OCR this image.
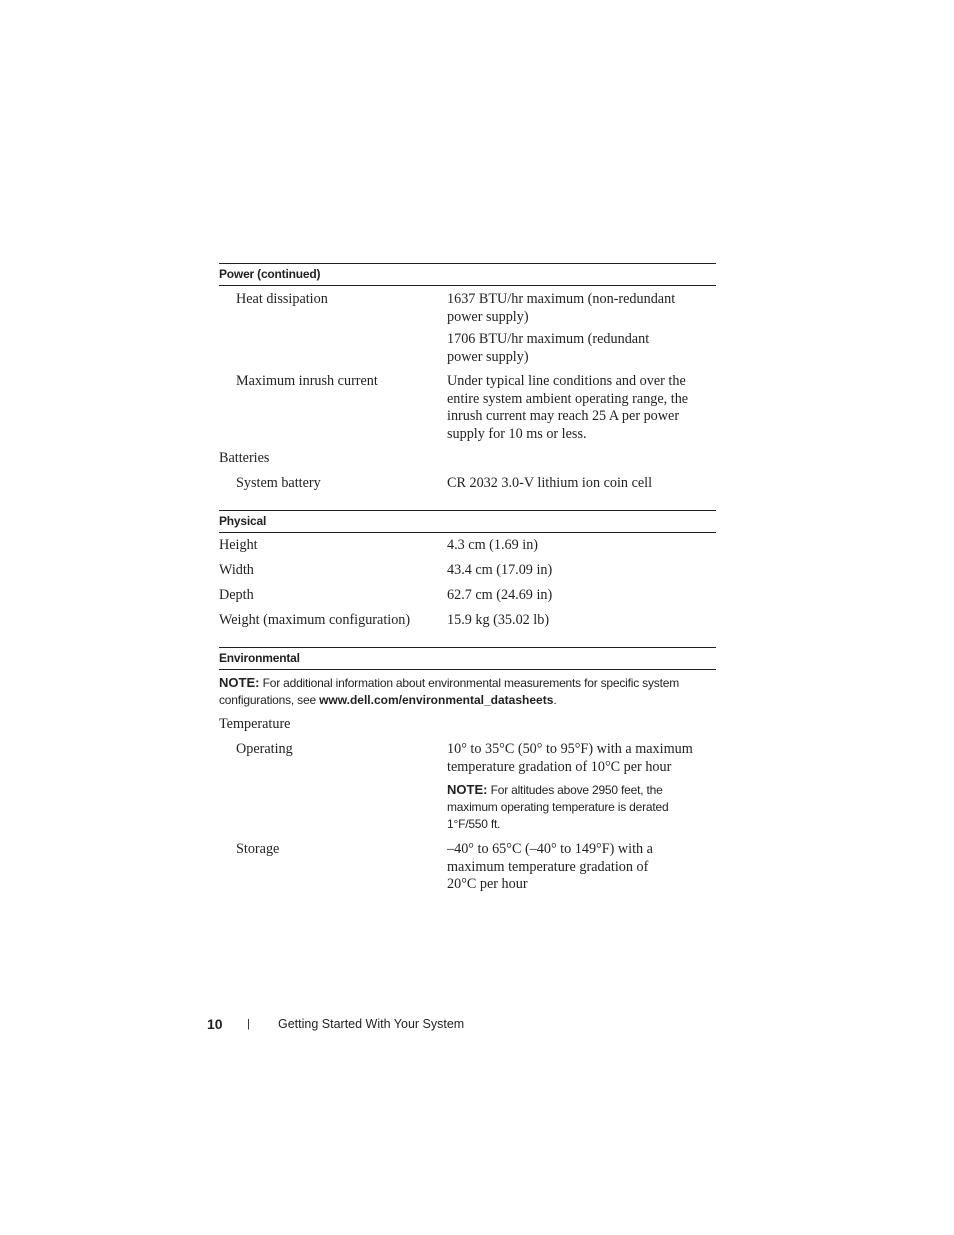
Power (continued)
Heat dissipation	1637 BTU/hr maximum (non-redundant power supply)
1706 BTU/hr maximum (redundant power supply)
Maximum inrush current	Under typical line conditions and over the entire system ambient operating range, the inrush current may reach 25 A per power supply for 10 ms or less.
Batteries
System battery	CR 2032 3.0-V lithium ion coin cell
Physical
Height	4.3 cm (1.69 in)
Width	43.4 cm (17.09 in)
Depth	62.7 cm (24.69 in)
Weight (maximum configuration)	15.9 kg (35.02 lb)
Environmental
NOTE: For additional information about environmental measurements for specific system configurations, see www.dell.com/environmental_datasheets.
Temperature
Operating	10° to 35°C (50° to 95°F) with a maximum temperature gradation of 10°C per hour
NOTE: For altitudes above 2950 feet, the maximum operating temperature is derated 1°F/550 ft.
Storage	–40° to 65°C (–40° to 149°F) with a maximum temperature gradation of 20°C per hour
10 | Getting Started With Your System
